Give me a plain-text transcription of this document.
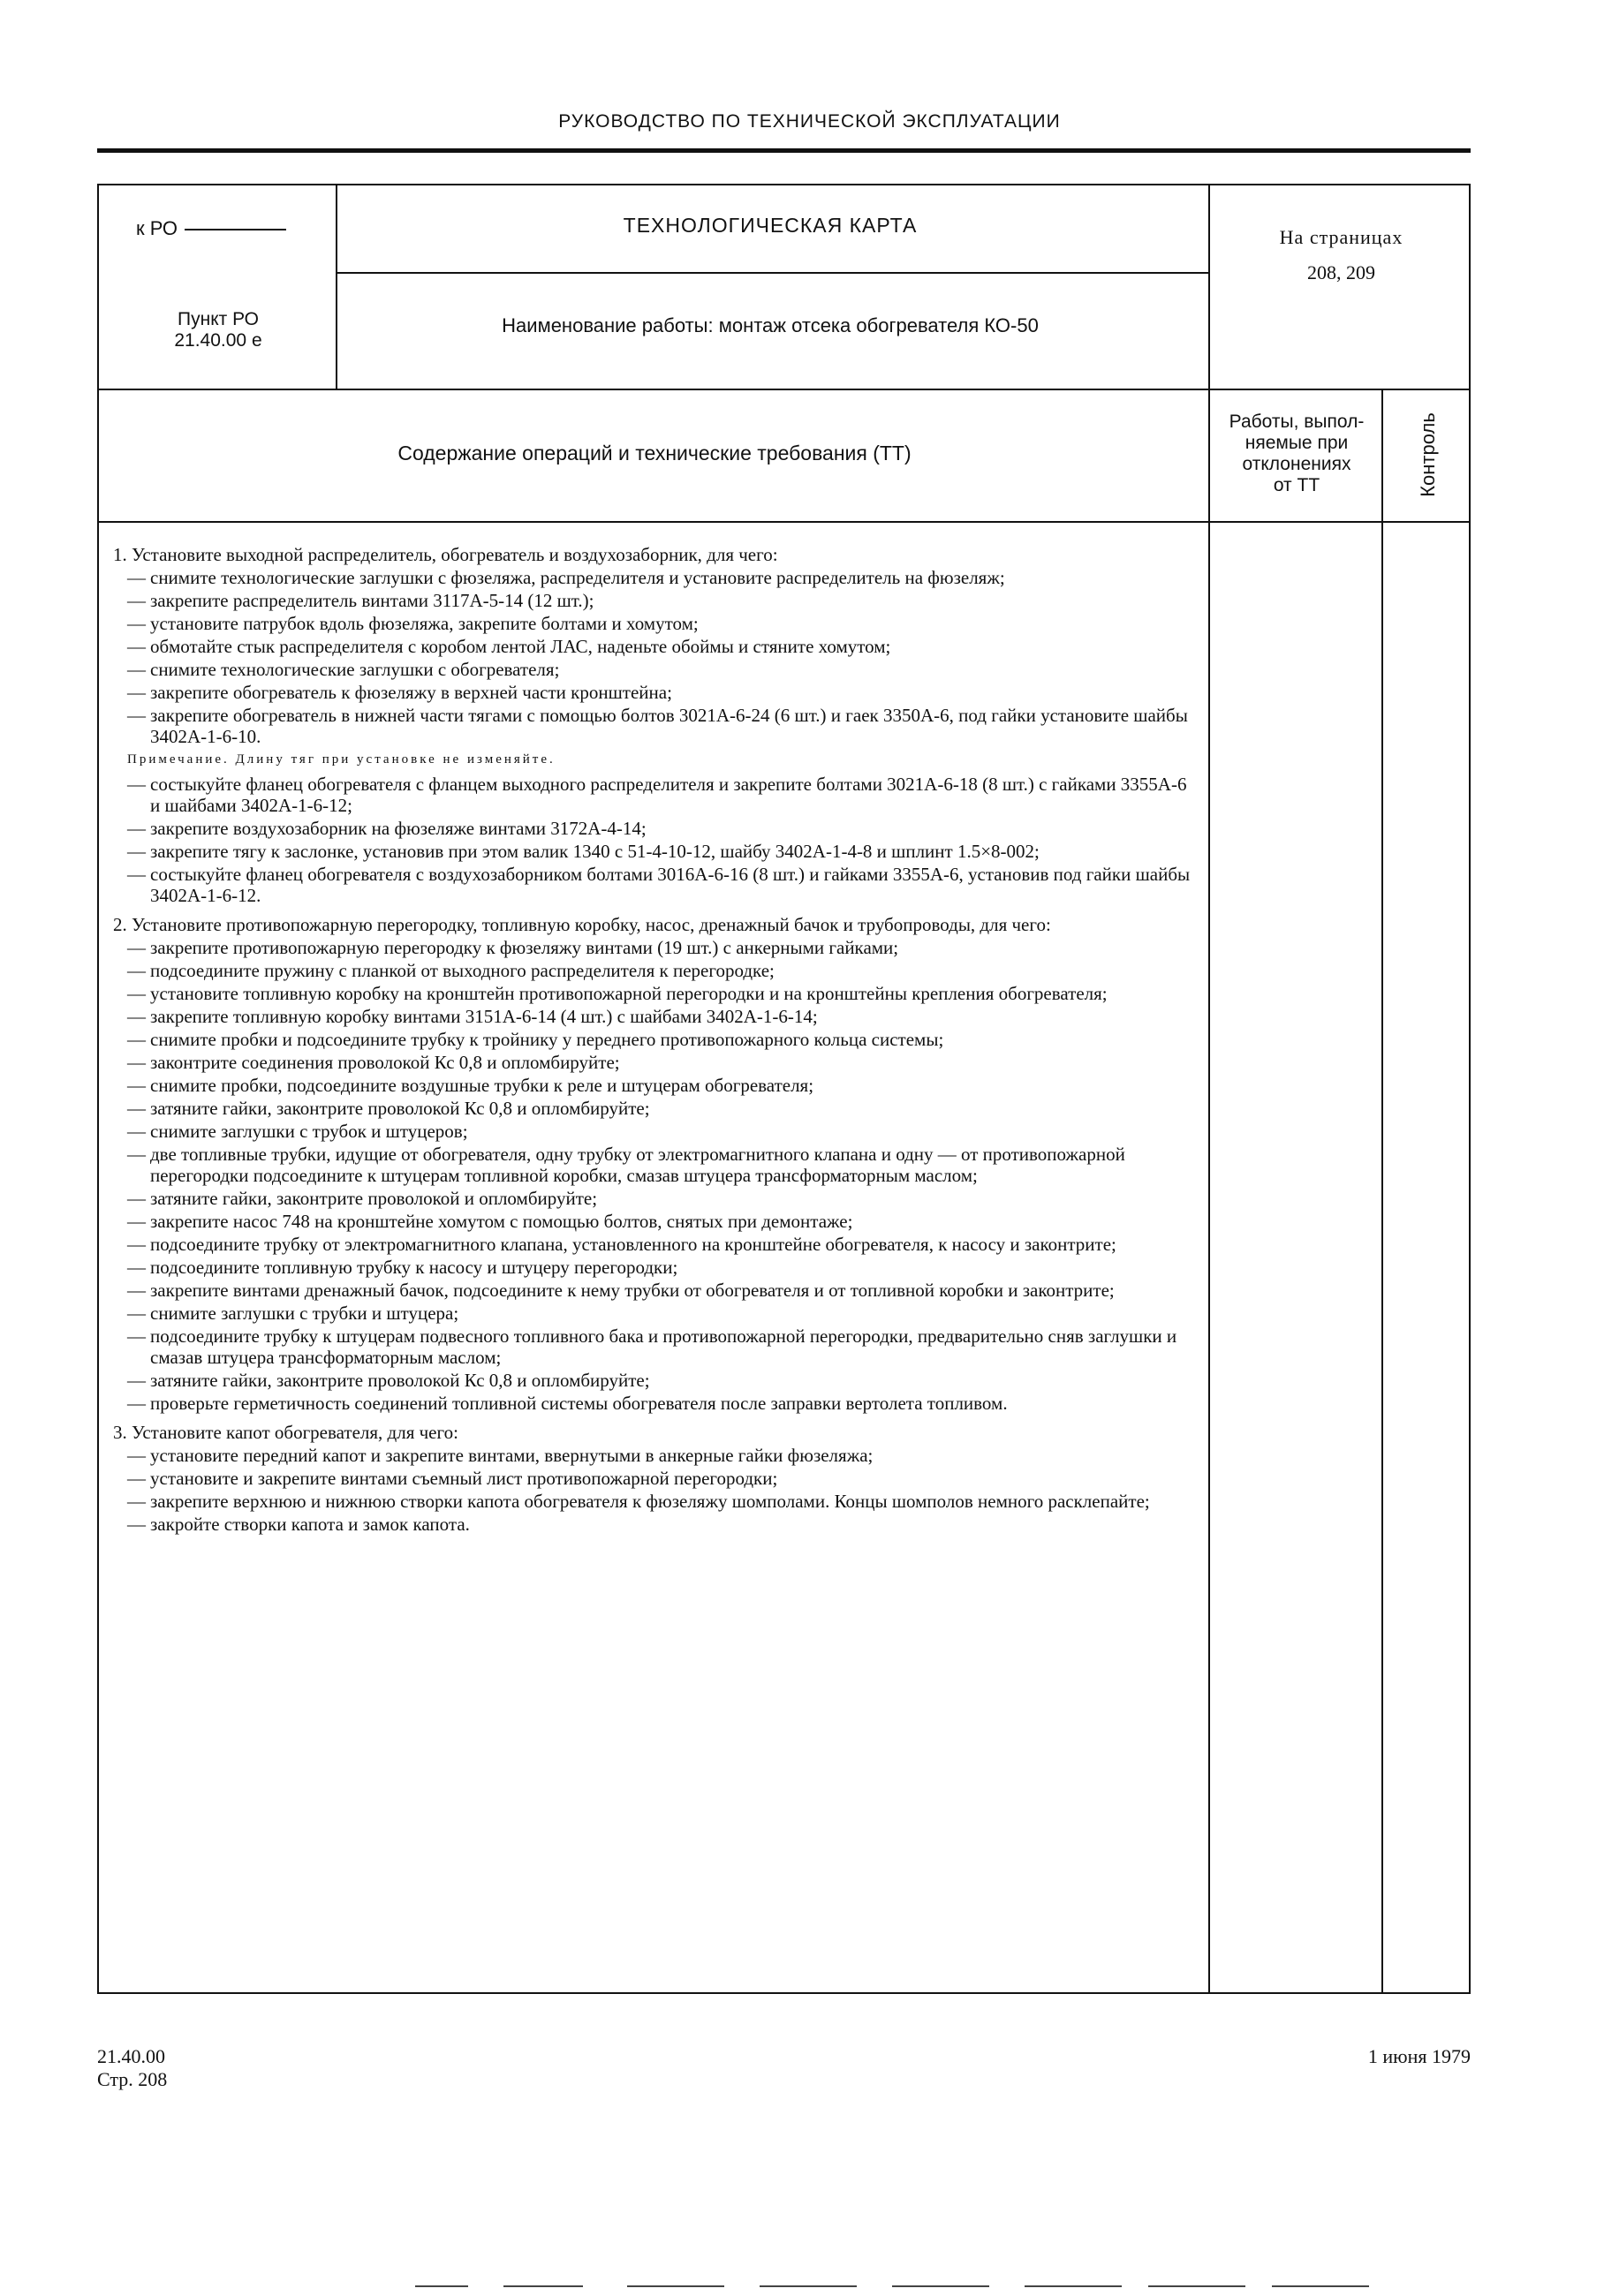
РУКОВОДСТВО ПО ТЕХНИЧЕСКОЙ ЭКСПЛУАТАЦИИ
к РО
Пункт РО
21.40.00 е
ТЕХНОЛОГИЧЕСКАЯ КАРТА
Наименование работы: монтаж отсека обогревателя КО-50
На страницах
208, 209
Содержание операций и технические требования (ТТ)
Работы, выпол-
няемые при
отклонениях
от ТТ	Контроль
1. Установите выходной распределитель, обогреватель и воздухозаборник, для чего:
— снимите технологические заглушки с фюзеляжа, распределителя и установите распределитель на фюзеляж;
— закрепите распределитель винтами 3117А-5-14 (12 шт.);
— установите патрубок вдоль фюзеляжа, закрепите болтами и хомутом;
— обмотайте стык распределителя с коробом лентой ЛАС, наденьте обоймы и стяните хомутом;
— снимите технологические заглушки с обогревателя;
— закрепите обогреватель к фюзеляжу в верхней части кронштейна;
— закрепите обогреватель в нижней части тягами с помощью болтов 3021А-6-24 (6 шт.) и гаек 3350А-6, под гайки установите шайбы 3402А-1-6-10.
Примечание. Длину тяг при установке не изменяйте.
— состыкуйте фланец обогревателя с фланцем выходного распределителя и закрепите болтами 3021А-6-18 (8 шт.) с гайками 3355А-6 и шайбами 3402А-1-6-12;
— закрепите воздухозаборник на фюзеляже винтами 3172А-4-14;
— закрепите тягу к заслонке, установив при этом валик 1340 с 51-4-10-12, шайбу 3402А-1-4-8 и шплинт 1.5×8-002;
— состыкуйте фланец обогревателя с воздухозаборником болтами 3016А-6-16 (8 шт.) и гайками 3355А-6, установив под гайки шайбы 3402А-1-6-12.
2. Установите противопожарную перегородку, топливную коробку, насос, дренажный бачок и трубопроводы, для чего:
— закрепите противопожарную перегородку к фюзеляжу винтами (19 шт.) с анкерными гайками;
— подсоедините пружину с планкой от выходного распределителя к перегородке;
— установите топливную коробку на кронштейн противопожарной перегородки и на кронштейны крепления обогревателя;
— закрепите топливную коробку винтами 3151А-6-14 (4 шт.) с шайбами 3402А-1-6-14;
— снимите пробки и подсоедините трубку к тройнику у переднего противопожарного кольца системы;
— законтрите соединения проволокой Кс 0,8 и опломбируйте;
— снимите пробки, подсоедините воздушные трубки к реле и штуцерам обогревателя;
— затяните гайки, законтрите проволокой Кс 0,8 и опломбируйте;
— снимите заглушки с трубок и штуцеров;
— две топливные трубки, идущие от обогревателя, одну трубку от электромагнитного клапана и одну — от противопожарной перегородки подсоедините к штуцерам топливной коробки, смазав штуцера трансформаторным маслом;
— затяните гайки, законтрите проволокой и опломбируйте;
— закрепите насос 748 на кронштейне хомутом с помощью болтов, снятых при демонтаже;
— подсоедините трубку от электромагнитного клапана, установленного на кронштейне обогревателя, к насосу и законтрите;
— подсоедините топливную трубку к насосу и штуцеру перегородки;
— закрепите винтами дренажный бачок, подсоедините к нему трубки от обогревателя и от топливной коробки и законтрите;
— снимите заглушки с трубки и штуцера;
— подсоедините трубку к штуцерам подвесного топливного бака и противопожарной перегородки, предварительно сняв заглушки и смазав штуцера трансформаторным маслом;
— затяните гайки, законтрите проволокой Кс 0,8 и опломбируйте;
— проверьте герметичность соединений топливной системы обогревателя после заправки вертолета топливом.
3. Установите капот обогревателя, для чего:
— установите передний капот и закрепите винтами, ввернутыми в анкерные гайки фюзеляжа;
— установите и закрепите винтами съемный лист противопожарной перегородки;
— закрепите верхнюю и нижнюю створки капота обогревателя к фюзеляжу шомполами. Концы шомполов немного расклепайте;
— закройте створки капота и замок капота.
21.40.00
Стр. 208
1 июня 1979
